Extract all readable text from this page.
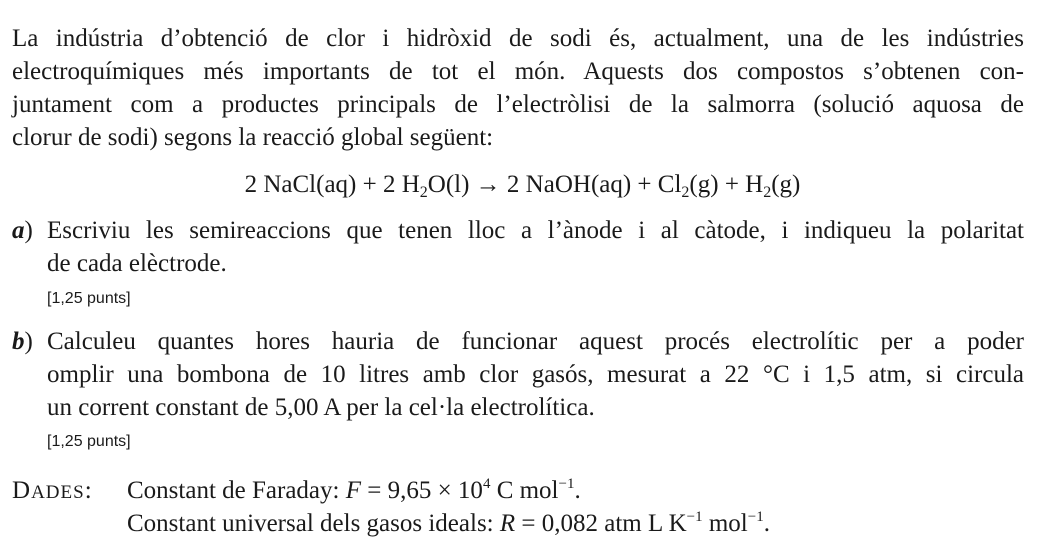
La indústria d’obtenció de clor i hidròxid de sodi és, actualment, una de les indústries
electroquímiques més importants de tot el món. Aquests dos compostos s’obtenen con-
juntament com a productes principals de l’electròlisi de la salmorra (solució aquosa de
clorur de sodi) segons la reacció global següent:
2 NaCl(aq) + 2 $H_2O(l) \to 2$ NaOH(aq) + $Cl_2(g) + H_2(g)$
a) Escriviu les semireaccions que tenen lloc a l’ànode i al càtode, i indiqueu la polaritat
de cada elèctrode.
[1,25 punts]
b) Calculeu quantes hores hauria de funcionar aquest procés electrolític per a poder
omplir una bombona de 10 litres amb clor gasós, mesurat a 22 °C i 1,5 atm, si circula
un corrent constant de 5,00 A per la cel·la electrolítica.
[1,25 punts]
DADES: Constant de Faraday: $F = 9,65 \times 10^4$ C mol$^{-1}$.
Constant universal dels gasos ideals: R = 0,082 atm L $K^{-1}$ mol$^{-1}$.
